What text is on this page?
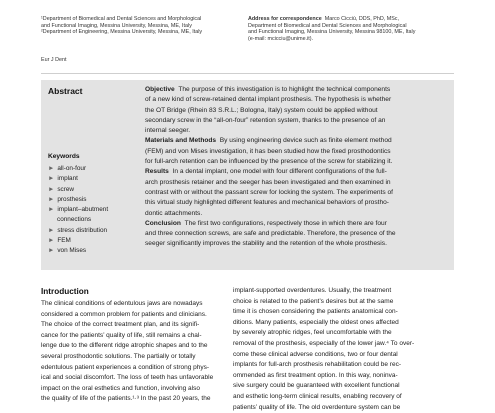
¹Department of Biomedical and Dental Sciences and Morphological
and Functional Imaging, Messina University, Messina, ME, Italy
²Department of Engineering, Messina University, Messina, ME, Italy
Address for correspondence Marco Cicciù, DDS, PhD, MSc,
Department of Biomedical and Dental Sciences and Morphological
and Functional Imaging, Messina University, Messina 98100, ME, Italy
(e-mail: mcicciu@unime.it).
Eur J Dent
Abstract
Keywords
► all-on-four
► implant
► screw
► prosthesis
► implant–abutment
connections
► stress distribution
► FEM
► von Mises
Objective The purpose of this investigation is to highlight the technical components
of a new kind of screw-retained dental implant prosthesis. The hypothesis is whether
the OT Bridge (Rhein 83 S.R.L.; Bologna, Italy) system could be applied without
secondary screw in the “all-on-four” retention system, thanks to the presence of an
internal seeger.
Materials and Methods By using engineering device such as finite element method
(FEM) and von Mises investigation, it has been studied how the fixed prosthodontics
for full-arch retention can be influenced by the presence of the screw for stabilizing it.
Results In a dental implant, one model with four different configurations of the full-
arch prosthesis retainer and the seeger has been investigated and then examined in
contrast with or without the passant screw for locking the system. The experiments of
this virtual study highlighted different features and mechanical behaviors of prostho-
dontic attachments.
Conclusion The first two configurations, respectively those in which there are four
and three connection screws, are safe and predictable. Therefore, the presence of the
seeger significantly improves the stability and the retention of the whole prosthesis.
Introduction
The clinical conditions of edentulous jaws are nowadays
considered a common problem for patients and clinicians.
The choice of the correct treatment plan, and its signifi-
cance for the patients’ quality of life, still remains a chal-
lenge due to the different ridge atrophic shapes and to the
several prosthodontic solutions. The partially or totally
edentulous patient experiences a condition of strong phys-
ical and social discomfort. The loss of teeth has unfavorable
impact on the oral esthetics and function, involving also
the quality of life of the patients.¹·³ In the past 20 years, the
implant-supported overdentures. Usually, the treatment
choice is related to the patient’s desires but at the same
time it is chosen considering the patients anatomical con-
ditions. Many patients, especially the oldest ones affected
by severely atrophic ridges, feel uncomfortable with the
removal of the prosthesis, especially of the lower jaw.⁴ To over-
come these clinical adverse conditions, two or four dental
implants for full-arch prosthesis rehabilitation could be rec-
ommended as first treatment option. In this way, noninva-
sive surgery could be guaranteed with excellent functional
and esthetic long-term clinical results, enabling recovery of
patients’ quality of life. The old overdenture system can be
